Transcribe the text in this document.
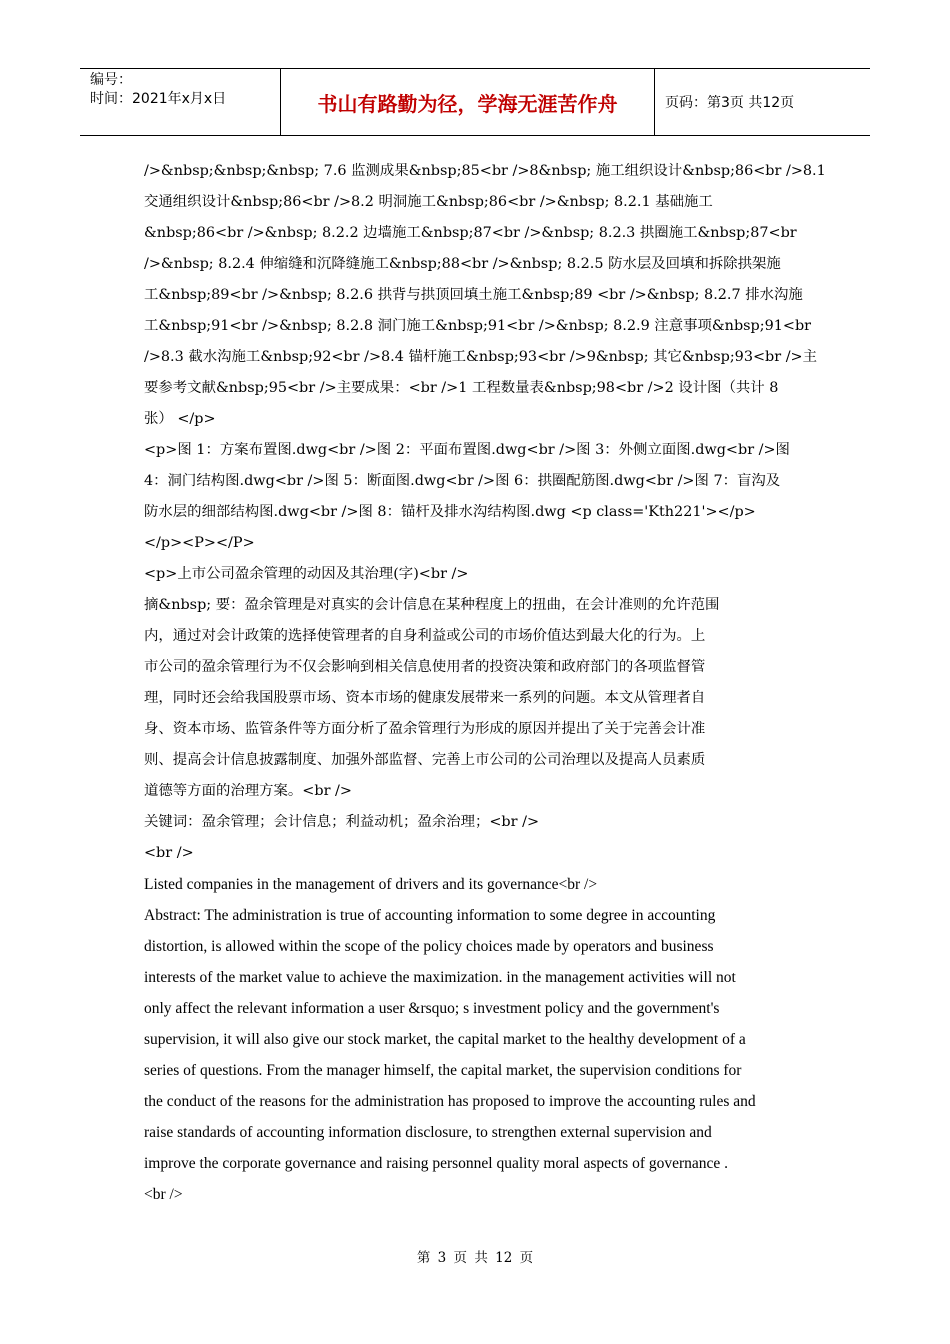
编号：
时间：2021年x月x日	书山有路勤为径，学海无涯苦作舟	页码：第3页 共12页

/>&nbsp;&nbsp;&nbsp; 7.6 监测成果&nbsp;85<br />8&nbsp; 施工组织设计&nbsp;86<br />8.1

交通组织设计&nbsp;86<br />8.2 明洞施工&nbsp;86<br />&nbsp; 8.2.1 基础施工

&nbsp;86<br />&nbsp; 8.2.2 边墙施工&nbsp;87<br />&nbsp; 8.2.3 拱圈施工&nbsp;87<br

/>&nbsp; 8.2.4 伸缩缝和沉降缝施工&nbsp;88<br />&nbsp; 8.2.5 防水层及回填和拆除拱架施

工&nbsp;89<br />&nbsp; 8.2.6 拱背与拱顶回填土施工&nbsp;89 <br />&nbsp; 8.2.7 排水沟施

工&nbsp;91<br />&nbsp; 8.2.8 洞门施工&nbsp;91<br />&nbsp; 8.2.9 注意事项&nbsp;91<br

/>8.3 截水沟施工&nbsp;92<br />8.4 锚杆施工&nbsp;93<br />9&nbsp; 其它&nbsp;93<br />主

要参考文献&nbsp;95<br />主要成果：<br />1 工程数量表&nbsp;98<br />2 设计图（共计 8

张） </p>

<p>图 1：方案布置图.dwg<br />图 2：平面布置图.dwg<br />图 3：外侧立面图.dwg<br />图

4：洞门结构图.dwg<br />图 5：断面图.dwg<br />图 6：拱圈配筋图.dwg<br />图 7：盲沟及

防水层的细部结构图.dwg<br />图 8：锚杆及排水沟结构图.dwg <p class='Kth221'></p>

</p><P></P>

<p>上市公司盈余管理的动因及其治理(字)<br />

摘&nbsp; 要：盈余管理是对真实的会计信息在某种程度上的扭曲，在会计准则的允许范围

内，通过对会计政策的选择使管理者的自身利益或公司的市场价值达到最大化的行为。上

市公司的盈余管理行为不仅会影响到相关信息使用者的投资决策和政府部门的各项监督管

理，同时还会给我国股票市场、资本市场的健康发展带来一系列的问题。本文从管理者自

身、资本市场、监管条件等方面分析了盈余管理行为形成的原因并提出了关于完善会计准

则、提高会计信息披露制度、加强外部监督、完善上市公司的公司治理以及提高人员素质

道德等方面的治理方案。<br />

关键词：盈余管理；会计信息；利益动机；盈余治理；<br />

<br />

Listed companies in the management of drivers and its governance<br />

Abstract: The administration is true of accounting information to some degree in accounting

distortion, is allowed within the scope of the policy choices made by operators and business

interests of the market value to achieve the maximization. in the management activities will not

only affect the relevant information a user &rsquo; s investment policy and the government's

supervision, it will also give our stock market, the capital market to the healthy development of a

series of questions. From the manager himself, the capital market, the supervision conditions for

the conduct of the reasons for the administration has proposed to improve the accounting rules and

raise standards of accounting information disclosure, to strengthen external supervision and

improve the corporate governance and raising personnel quality moral aspects of governance .

<br />

第 3 页 共 12 页
